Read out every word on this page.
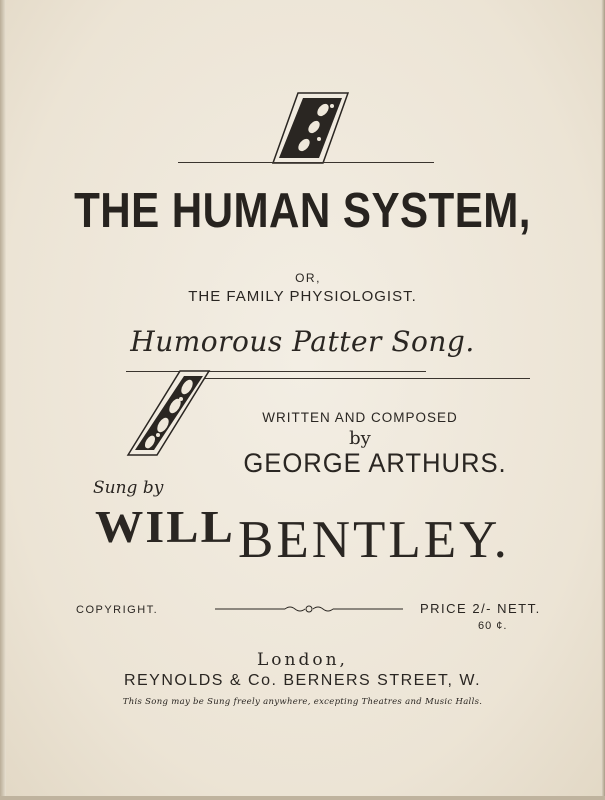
THE HUMAN SYSTEM,
OR,
THE FAMILY PHYSIOLOGIST.
Humorous Patter Song.
WRITTEN AND COMPOSED
by
GEORGE ARTHURS.
Sung by
WILL BENTLEY.
COPYRIGHT.	PRICE 2/- NETT.
60 ¢.
London,
REYNOLDS & Co. BERNERS STREET, W.
This Song may be Sung freely anywhere, excepting Theatres and Music Halls.
